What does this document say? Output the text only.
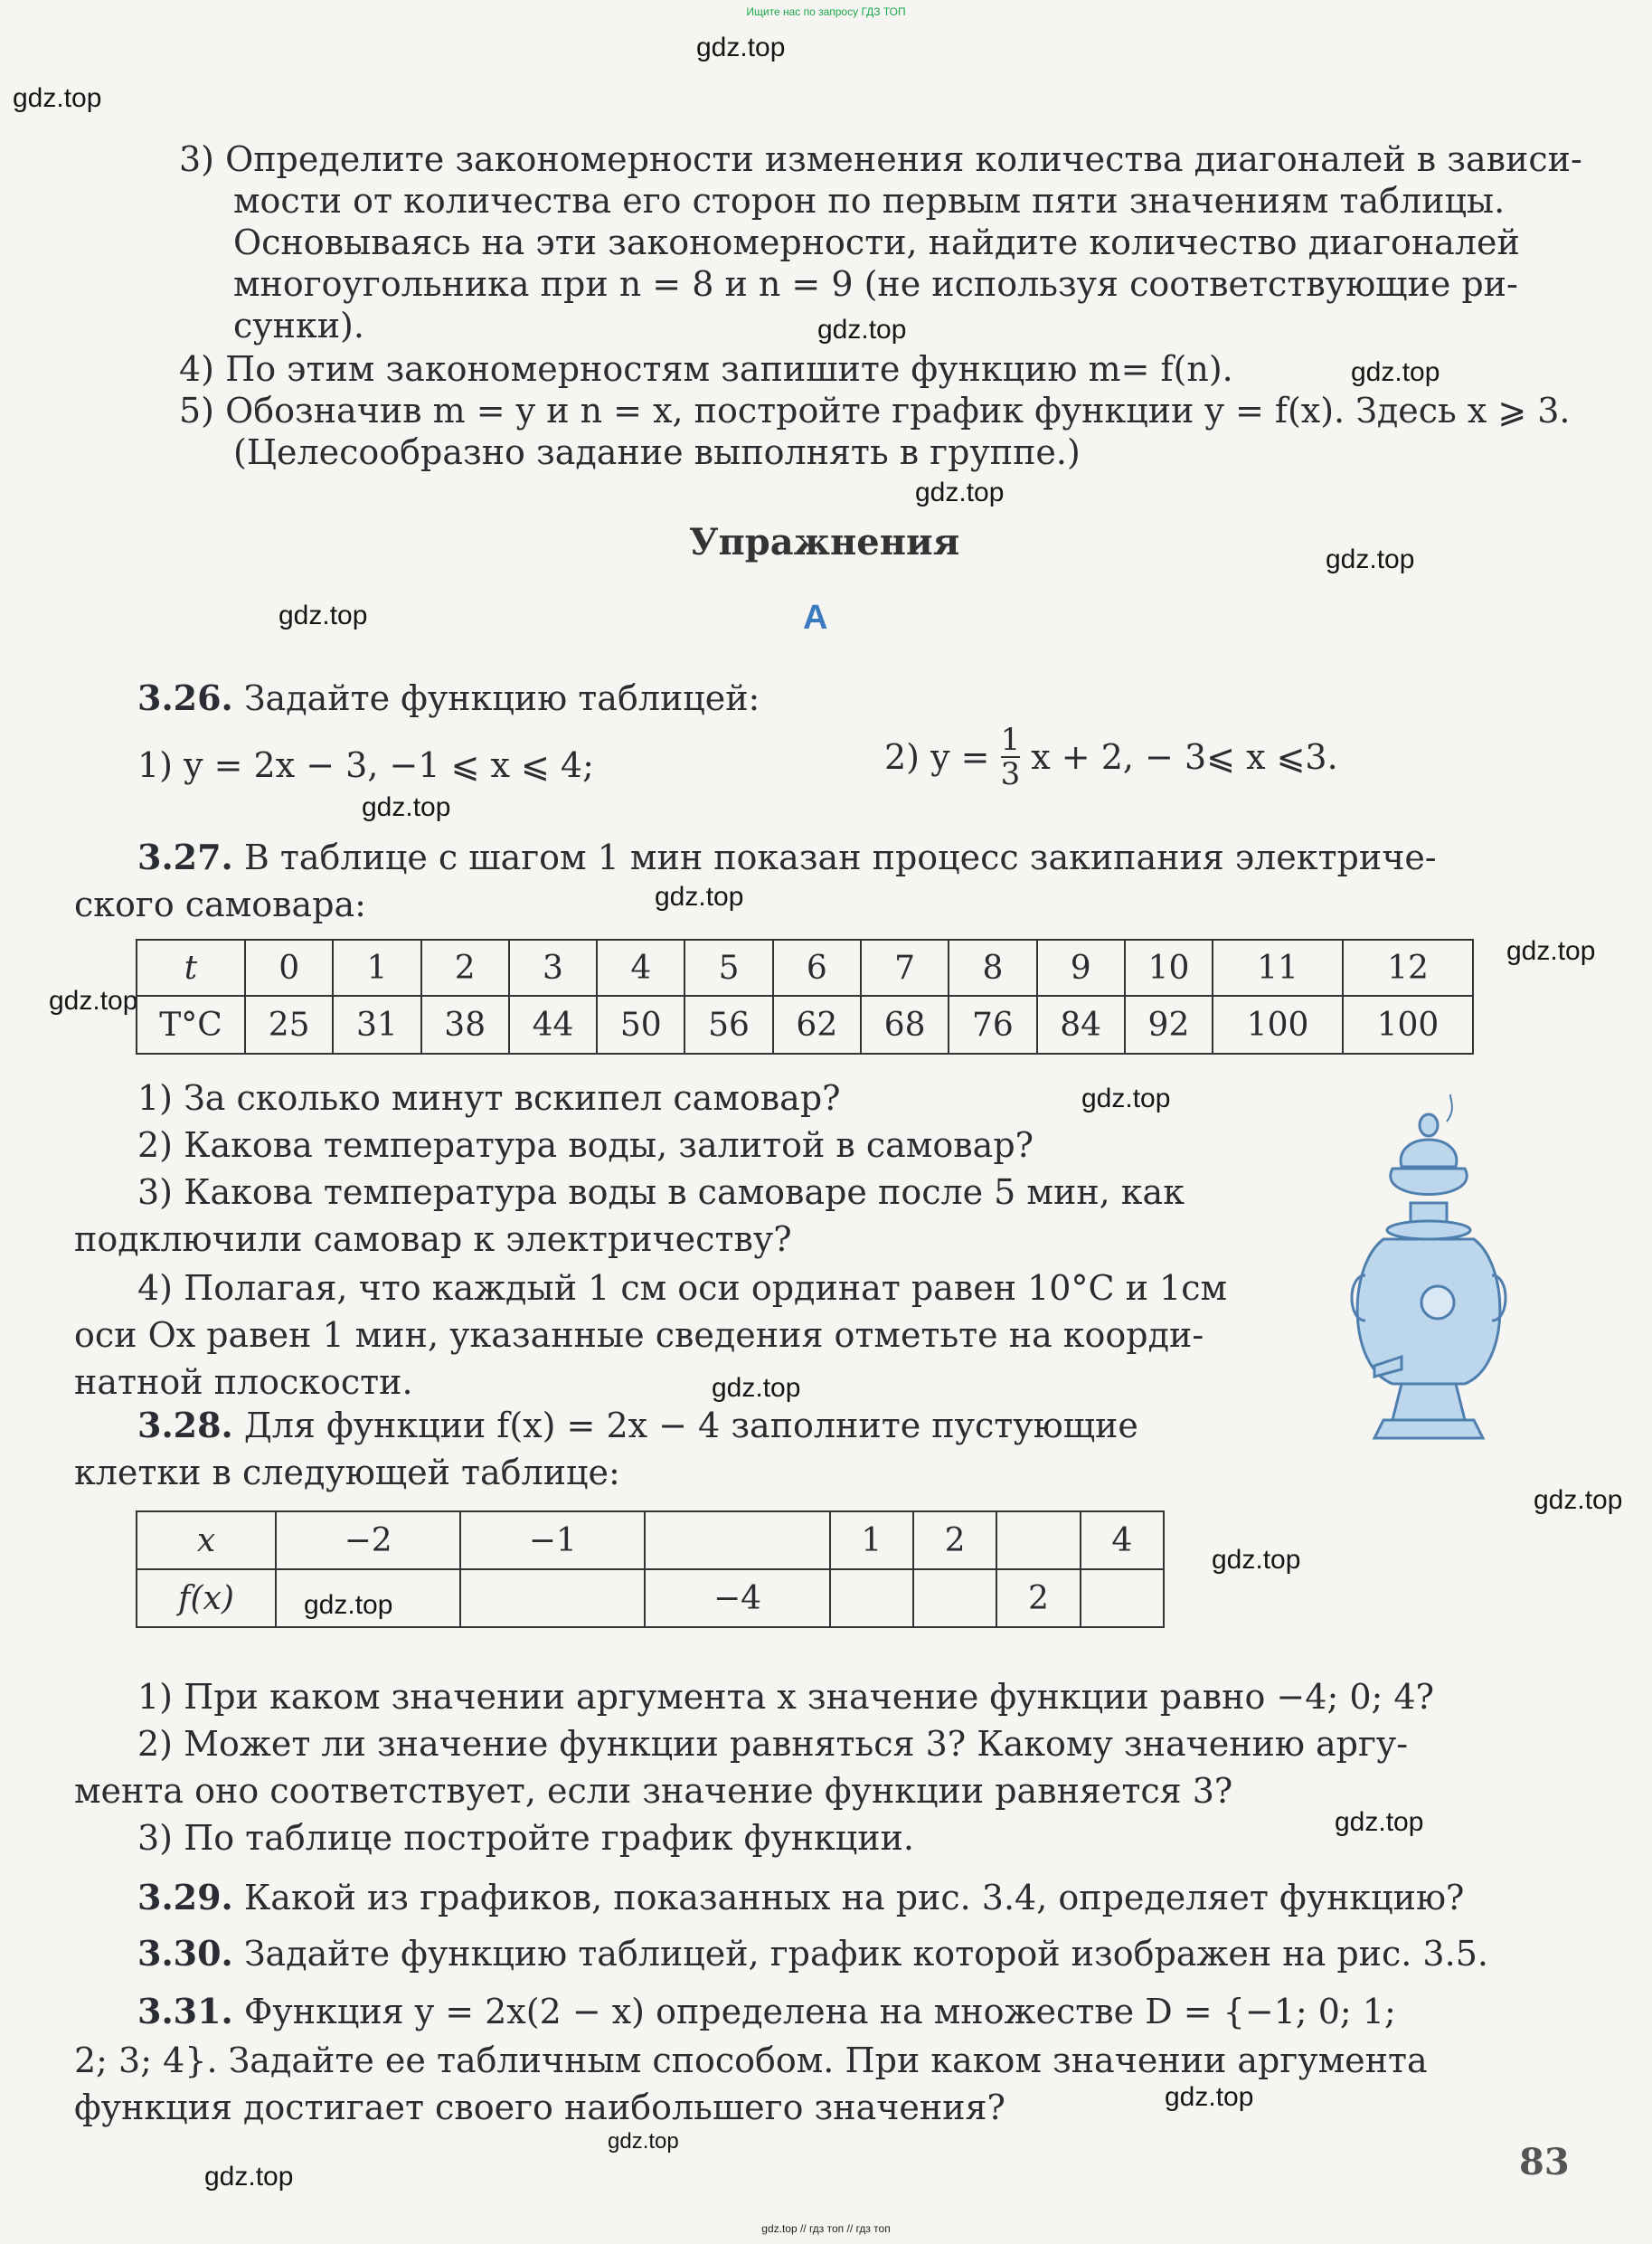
Ищите нас по запросу ГДЗ ТОП
gdz.top // гдз топ // гдз топ
gdz.top
gdz.top
gdz.top
gdz.top
gdz.top
gdz.top
gdz.top
gdz.top
gdz.top
gdz.top
gdz.top
gdz.top
gdz.top
gdz.top
gdz.top
gdz.top
gdz.top
gdz.top
gdz.top
gdz.top
3) Определите закономерности изменения количества диагоналей в зависи-
мости от количества его сторон по первым пяти значениям таблицы.
Основываясь на эти закономерности, найдите количество диагоналей
многоугольника при n = 8 и n = 9 (не используя соответствующие ри-
сунки).
4) По этим закономерностям запишите функцию m= f(n).
5) Обозначив m = y и n = x, постройте график функции y = f(x). Здесь x ⩾ 3.
(Целесообразно задание выполнять в группе.)
Упражнения
A
3.26. Задайте функцию таблицей:
1) y = 2x − 3, −1 ⩽ x ⩽ 4;	2) $y = \frac{1}{3}$ x + 2, − 3⩽ x ⩽3.
3.27. В таблице с шагом 1 мин показан процесс закипания электриче-
ского самовара:
t	0	1	2	3	4	5	6	7	8	9	10	11	12
T°C	25	31	38	44	50	56	62	68	76	84	92	100	100
1) За сколько минут вскипел самовар?
2) Какова температура воды, залитой в самовар?
3) Какова температура воды в самоваре после 5 мин, как
подключили самовар к электричеству?
4) Полагая, что каждый 1 см оси ординат равен 10°C и 1см
оси Ox равен 1 мин, указанные сведения отметьте на коорди-
натной плоскости.
3.28. Для функции f(x) = 2x − 4 заполните пустующие
клетки в следующей таблице:
x	−2	−1		1	2		4
f(x)			−4			2	
1) При каком значении аргумента x значение функции равно −4; 0; 4?
2) Может ли значение функции равняться 3? Какому значению аргу-
мента оно соответствует, если значение функции равняется 3?
3) По таблице постройте график функции.
3.29. Какой из графиков, показанных на рис. 3.4, определяет функцию?
3.30. Задайте функцию таблицей, график которой изображен на рис. 3.5.
3.31. Функция y = 2x(2 − x) определена на множестве D = {−1; 0; 1;
2; 3; 4}. Задайте ее табличным способом. При каком значении аргумента
функция достигает своего наибольшего значения?
83
